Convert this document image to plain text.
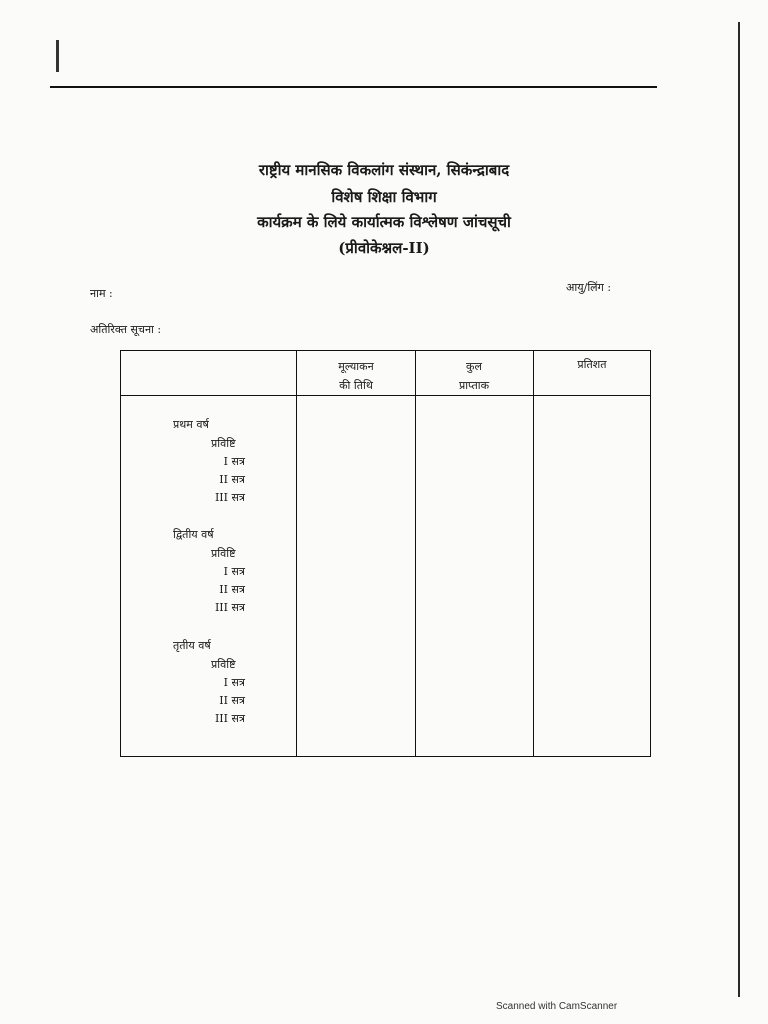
राष्ट्रीय मानसिक विकलांग संस्थान, सिकंन्द्राबाद
विशेष शिक्षा विभाग
कार्यक्रम के लिये कार्यात्मक विश्लेषण जांचसूची
(प्रीवोकेश्नल-II)
नाम :	आयु/लिंग :
अतिरिक्त सूचना :
मूल्याकन
की तिथि
कुल
प्राप्ताक
प्रतिशत
प्रथम वर्ष
प्रविष्टि
I सत्र
II सत्र
III सत्र
द्वितीय वर्ष
प्रविष्टि
I सत्र
II सत्र
III सत्र
तृतीय वर्ष
प्रविष्टि
I सत्र
II सत्र
III सत्र
Scanned with CamScanner
